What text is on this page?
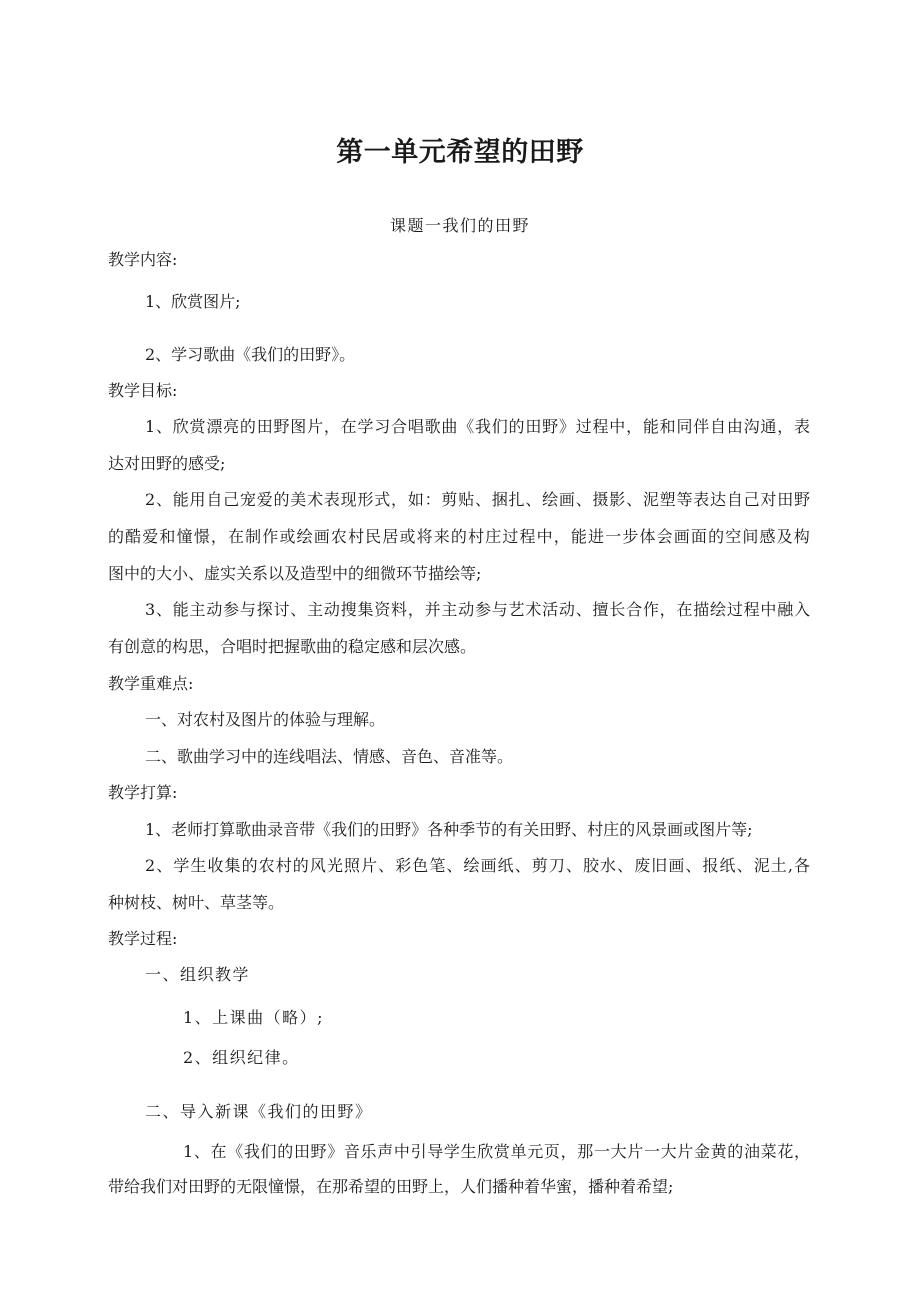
第一单元希望的田野
课题一我们的田野
教学内容:
1、欣赏图片;
2、学习歌曲《我们的田野》。
教学目标:
1、欣赏漂亮的田野图片，在学习合唱歌曲《我们的田野》过程中，能和同伴自由沟通，表
达对田野的感受;
2、能用自己宠爱的美术表现形式，如：剪贴、捆扎、绘画、摄影、泥塑等表达自己对田野
的酷爱和憧憬，在制作或绘画农村民居或将来的村庄过程中，能进一步体会画面的空间感及构
图中的大小、虚实关系以及造型中的细微环节描绘等;
3、能主动参与探讨、主动搜集资料，并主动参与艺术活动、擅长合作，在描绘过程中融入
有创意的构思，合唱时把握歌曲的稳定感和层次感。
教学重难点:
一、对农村及图片的体验与理解。
二、歌曲学习中的连线唱法、情感、音色、音准等。
教学打算:
1、老师打算歌曲录音带《我们的田野》各种季节的有关田野、村庄的风景画或图片等;
2、学生收集的农村的风光照片、彩色笔、绘画纸、剪刀、胶水、废旧画、报纸、泥土,各
种树枝、树叶、草茎等。
教学过程:
一、组织教学
1、上课曲（略）;
2、组织纪律。
二、导入新课《我们的田野》
1、在《我们的田野》音乐声中引导学生欣赏单元页，那一大片一大片金黄的油菜花，
带给我们对田野的无限憧憬，在那希望的田野上，人们播种着华蜜，播种着希望;
